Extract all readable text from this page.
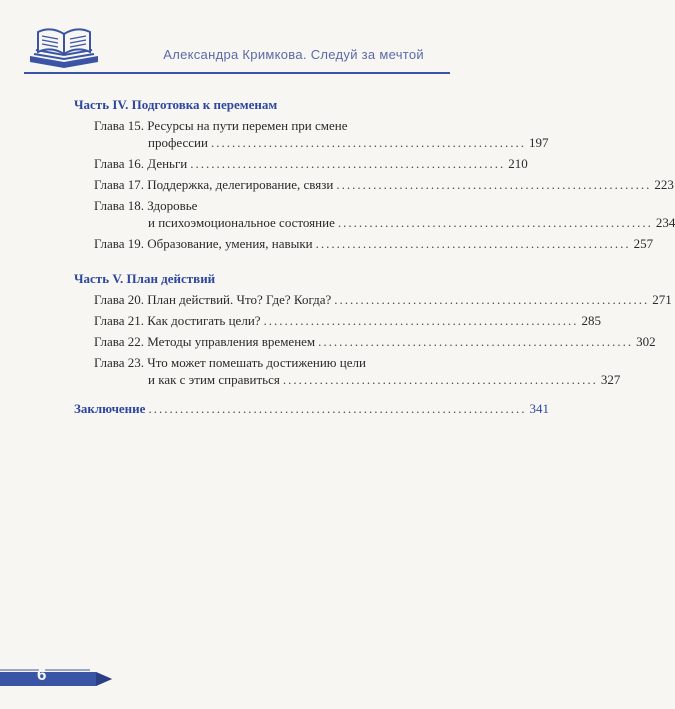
Александра Кримкова. Следуй за мечтой
Часть IV. Подготовка к переменам
Глава 15. Ресурсы на пути перемен при смене
профессии ............................................................ 197
Глава 16. Деньги ............................................................ 210
Глава 17. Поддержка, делегирование, связи ............................................................ 223
Глава 18. Здоровье
и психоэмоциональное состояние ............................................................ 234
Глава 19. Образование, умения, навыки ............................................................ 257
Часть V. План действий
Глава 20. План действий. Что? Где? Когда? ............................................................ 271
Глава 21. Как достигать цели? ............................................................ 285
Глава 22. Методы управления временем ............................................................ 302
Глава 23. Что может помешать достижению цели
и как с этим справиться ............................................................ 327
Заключение ........................................................................ 341
6
